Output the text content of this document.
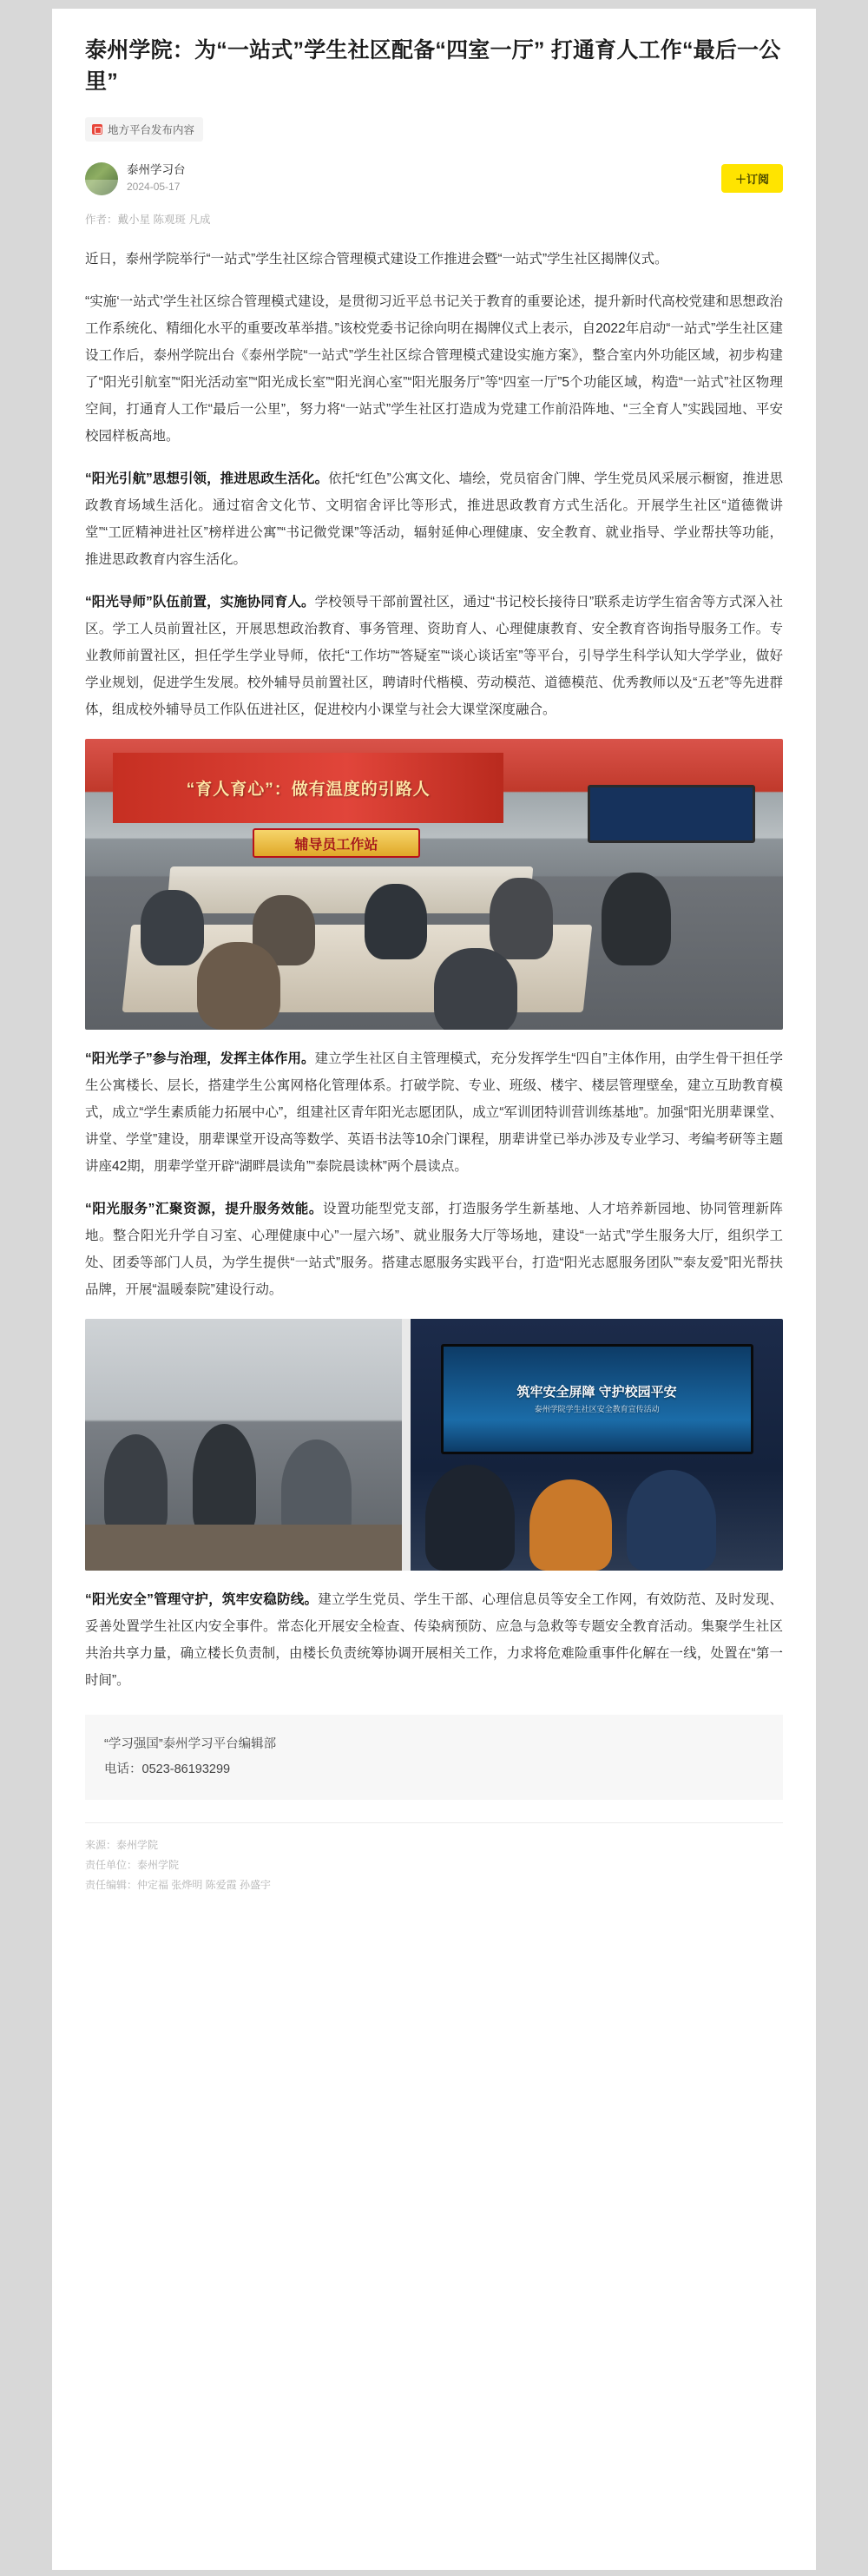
泰州学院：为“一站式”学生社区配备“四室一厅” 打通育人工作“最后一公里”
地方平台发布内容
泰州学习台
2024-05-17
＋订阅
作者：戴小星 陈观斑 凡成

近日，泰州学院举行“一站式”学生社区综合管理模式建设工作推进会暨“一站式”学生社区揭牌仪式。

“实施‘一站式’学生社区综合管理模式建设，是贯彻习近平总书记关于教育的重要论述，提升新时代高校党建和思想政治工作系统化、精细化水平的重要改革举措。”该校党委书记徐向明在揭牌仪式上表示，自2022年启动“一站式”学生社区建设工作后，泰州学院出台《泰州学院“一站式”学生社区综合管理模式建设实施方案》，整合室内外功能区域，初步构建了“阳光引航室”“阳光活动室”“阳光成长室”“阳光润心室”“阳光服务厅”等“四室一厅”5个功能区域，构造“一站式”社区物理空间，打通育人工作“最后一公里”，努力将“一站式”学生社区打造成为党建工作前沿阵地、“三全育人”实践园地、平安校园样板高地。

“阳光引航”思想引领，推进思政生活化。依托“红色”公寓文化、墙绘，党员宿舍门牌、学生党员风采展示橱窗，推进思政教育场域生活化。通过宿舍文化节、文明宿舍评比等形式，推进思政教育方式生活化。开展学生社区“道德微讲堂”“工匠精神进社区”榜样进公寓”“书记微党课”等活动，辐射延伸心理健康、安全教育、就业指导、学业帮扶等功能，推进思政教育内容生活化。

“阳光导师”队伍前置，实施协同育人。学校领导干部前置社区，通过“书记校长接待日”联系走访学生宿舍等方式深入社区。学工人员前置社区，开展思想政治教育、事务管理、资助育人、心理健康教育、安全教育咨询指导服务工作。专业教师前置社区，担任学生学业导师，依托“工作坊”“答疑室”“谈心谈话室”等平台，引导学生科学认知大学学业，做好学业规划，促进学生发展。校外辅导员前置社区，聘请时代楷模、劳动模范、道德模范、优秀教师以及“五老”等先进群体，组成校外辅导员工作队伍进社区，促进校内小课堂与社会大课堂深度融合。

“育人育心”：做有温度的引路人
辅导员工作站

“阳光学子”参与治理，发挥主体作用。建立学生社区自主管理模式，充分发挥学生“四自”主体作用，由学生骨干担任学生公寓楼长、层长，搭建学生公寓网格化管理体系。打破学院、专业、班级、楼宇、楼层管理壁垒，建立互助教育模式，成立“学生素质能力拓展中心”，组建社区青年阳光志愿团队，成立“军训团特训营训练基地”。加强“阳光朋辈课堂、讲堂、学堂”建设，朋辈课堂开设高等数学、英语书法等10余门课程，朋辈讲堂已举办涉及专业学习、考编考研等主题讲座42期，朋辈学堂开辟“湖畔晨读角”“泰院晨读林”两个晨读点。

“阳光服务”汇聚资源，提升服务效能。设置功能型党支部，打造服务学生新基地、人才培养新园地、协同管理新阵地。整合阳光升学自习室、心理健康中心”一屋六场”、就业服务大厅等场地，建设“一站式”学生服务大厅，组织学工处、团委等部门人员，为学生提供“一站式”服务。搭建志愿服务实践平台，打造“阳光志愿服务团队”“泰友爱”阳光帮扶品牌，开展“温暖泰院”建设行动。

筑牢安全屏障 守护校园平安
泰州学院学生社区安全教育宣传活动

“阳光安全”管理守护，筑牢安稳防线。建立学生党员、学生干部、心理信息员等安全工作网，有效防范、及时发现、妥善处置学生社区内安全事件。常态化开展安全检查、传染病预防、应急与急救等专题安全教育活动。集聚学生社区共治共享力量，确立楼长负责制，由楼长负责统筹协调开展相关工作，力求将危难险重事件化解在一线，处置在“第一时间”。

“学习强国”泰州学习平台编辑部
电话：0523-86193299
来源：泰州学院
责任单位：泰州学院
责任编辑：仲定福 张烨明 陈爱霞 孙盛宇
